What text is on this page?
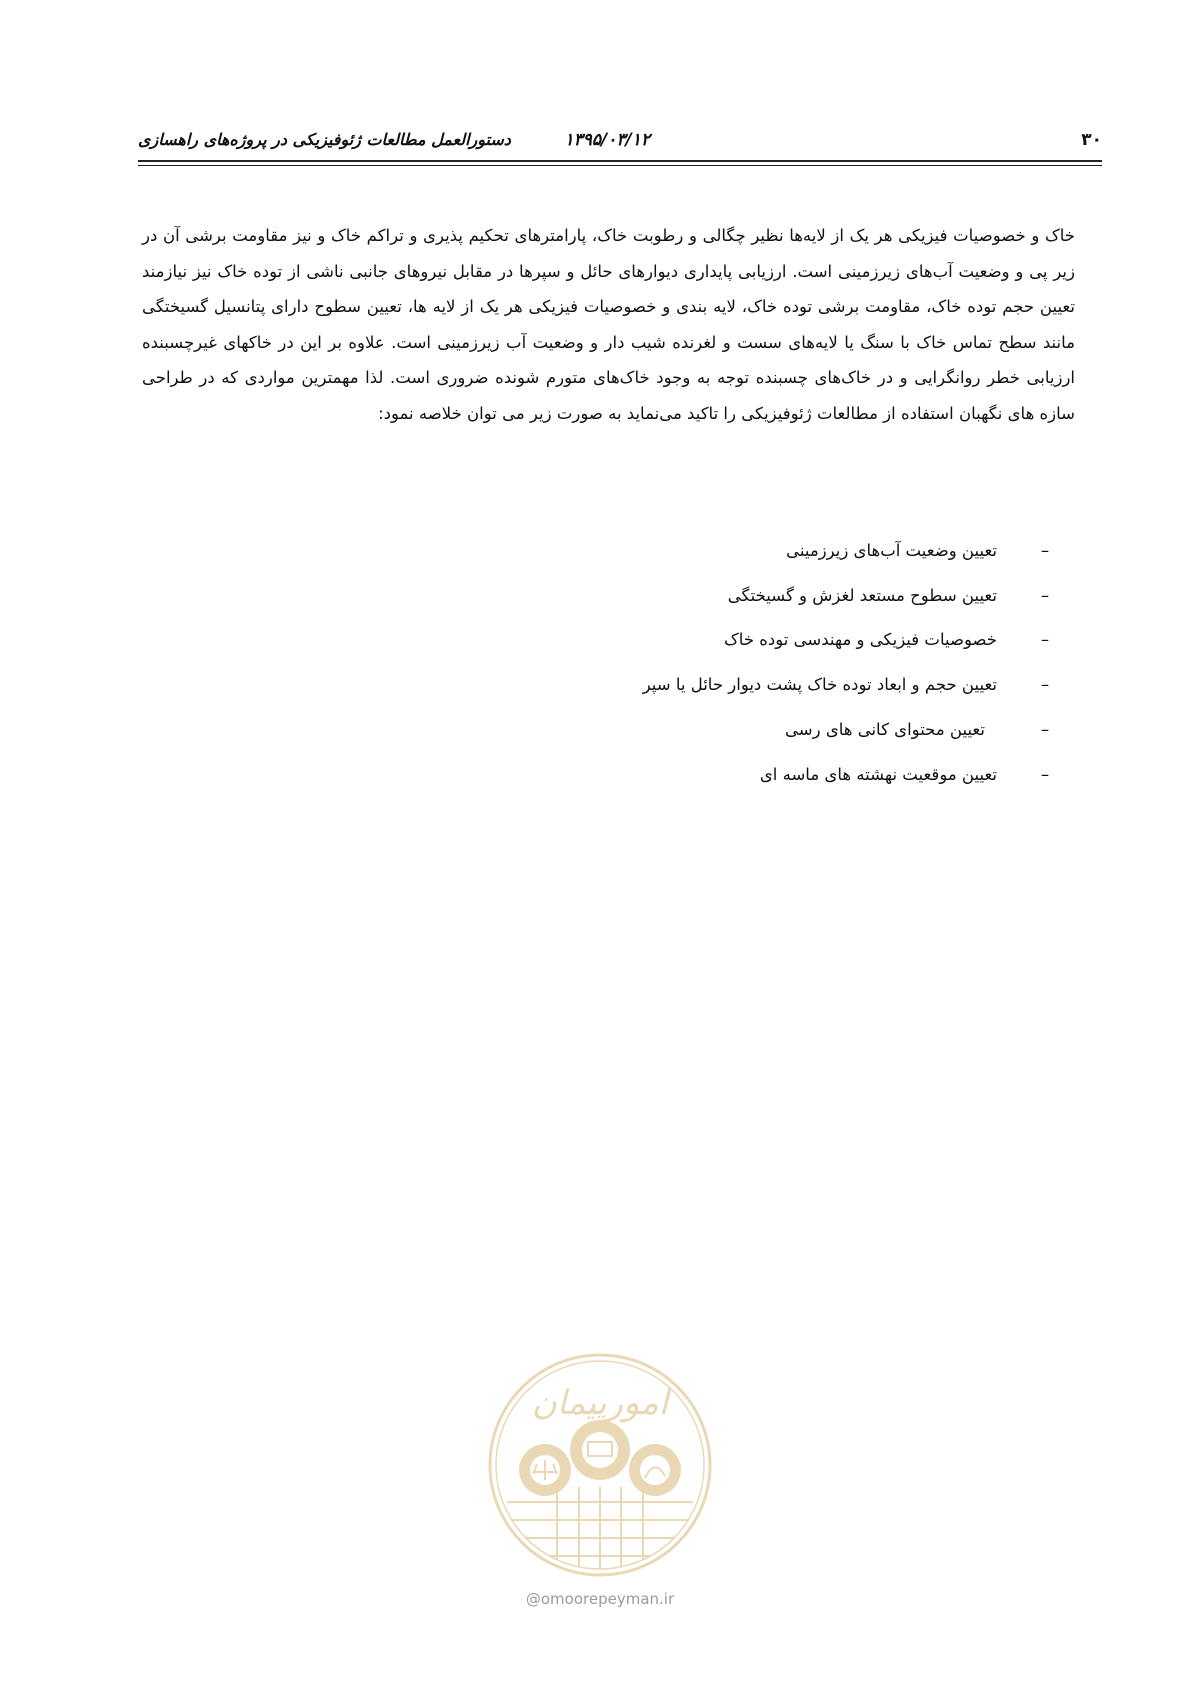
۳۰
۱۳۹۵/۰۳/۱۲
دستورالعمل مطالعات ژئوفیزیکی در پروژه‌های راهسازی

خاک و خصوصیات فیزیکی هر یک از لایه‌ها نظیر چگالی و رطوبت خاک، پارامترهای تحکیم پذیری و تراکم خاک و نیز مقاومت برشی آن در زیر پی و وضعیت آب‌های زیرزمینی است. ارزیابی پایداری دیوارهای حائل و سپرها در مقابل نیروهای جانبی ناشی از توده خاک نیز نیازمند تعیین حجم توده خاک، مقاومت برشی توده خاک، لایه بندی و خصوصیات فیزیکی هر یک از لایه ها، تعیین سطوح دارای پتانسیل گسیختگی مانند سطح تماس خاک با سنگ یا لایه‌های سست و لغرنده شیب دار و وضعیت آب زیرزمینی است. علاوه بر این در خاکهای غیرچسبنده ارزیابی خطر روانگرایی و در خاک‌های چسبنده توجه به وجود خاک‌های متورم شونده ضروری است. لذا مهمترین مواردی که در طراحی سازه های نگهبان استفاده از مطالعات ژئوفیزیکی را تاکید می‌نماید به صورت زیر می توان خلاصه نمود:

–
تعیین وضعیت آب‌های زیرزمینی
–
تعیین سطوح مستعد لغزش و گسیختگی
–
خصوصیات فیزیکی و مهندسی توده خاک
–
تعیین حجم و ابعاد توده خاک پشت دیوار حائل یا سپر
–
تعیین محتوای کانی های رسی
–
تعیین موقعیت نهشته های ماسه ای
امورپیمان
@omoorepeyman.ir
